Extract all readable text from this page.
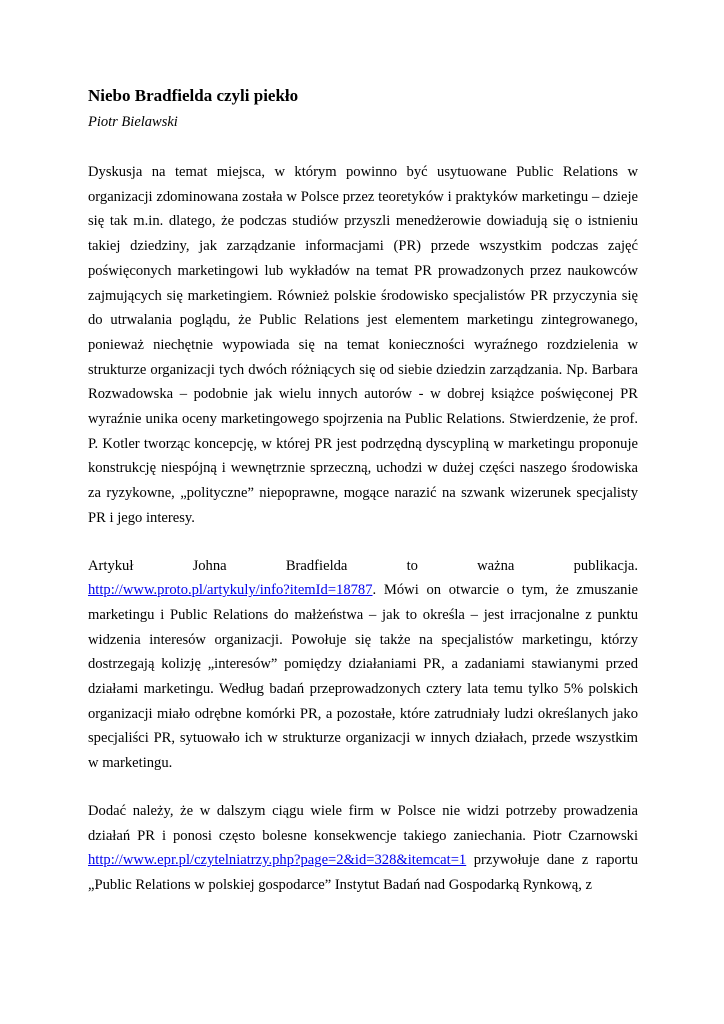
Niebo Bradfielda czyli piekło

Piotr Bielawski

Dyskusja na temat miejsca, w którym powinno być usytuowane Public Relations w organizacji zdominowana została w Polsce przez teoretyków i praktyków marketingu – dzieje się tak m.in. dlatego, że podczas studiów przyszli menedżerowie dowiadują się o istnieniu takiej dziedziny, jak zarządzanie informacjami (PR) przede wszystkim podczas zajęć poświęconych marketingowi lub wykładów na temat PR prowadzonych przez naukowców zajmujących się marketingiem. Również polskie środowisko specjalistów PR przyczynia się do utrwalania poglądu, że Public Relations jest elementem marketingu zintegrowanego, ponieważ niechętnie wypowiada się na temat konieczności wyraźnego rozdzielenia w strukturze organizacji tych dwóch różniących się od siebie dziedzin zarządzania. Np. Barbara Rozwadowska – podobnie jak wielu innych autorów - w dobrej książce poświęconej PR wyraźnie unika oceny marketingowego spojrzenia na Public Relations. Stwierdzenie, że prof. P. Kotler tworząc koncepcję, w której PR jest podrzędną dyscypliną w marketingu proponuje konstrukcję niespójną i wewnętrznie sprzeczną, uchodzi w dużej części naszego środowiska za ryzykowne, „polityczne” niepoprawne, mogące narazić na szwank wizerunek specjalisty PR i jego interesy.

Artykuł	Johna	Bradfielda	to	ważna	publikacja.

http://www.proto.pl/artykuly/info?itemId=18787. Mówi on otwarcie o tym, że zmuszanie marketingu i Public Relations do małżeństwa – jak to określa – jest irracjonalne z punktu widzenia interesów organizacji. Powołuje się także na specjalistów marketingu, którzy dostrzegają kolizję „interesów” pomiędzy działaniami PR, a zadaniami stawianymi przed działami marketingu. Według badań przeprowadzonych cztery lata temu tylko 5% polskich organizacji miało odrębne komórki PR, a pozostałe, które zatrudniały ludzi określanych jako specjaliści PR, sytuowało ich w strukturze organizacji w innych działach, przede wszystkim w marketingu.

Dodać należy, że w dalszym ciągu wiele firm w Polsce nie widzi potrzeby prowadzenia działań PR i ponosi często bolesne konsekwencje takiego zaniechania. Piotr Czarnowski http://www.epr.pl/czytelniatrzy.php?page=2&id=328&itemcat=1 przywołuje dane z raportu „Public Relations w polskiej gospodarce” Instytut Badań nad Gospodarką Rynkową, z
